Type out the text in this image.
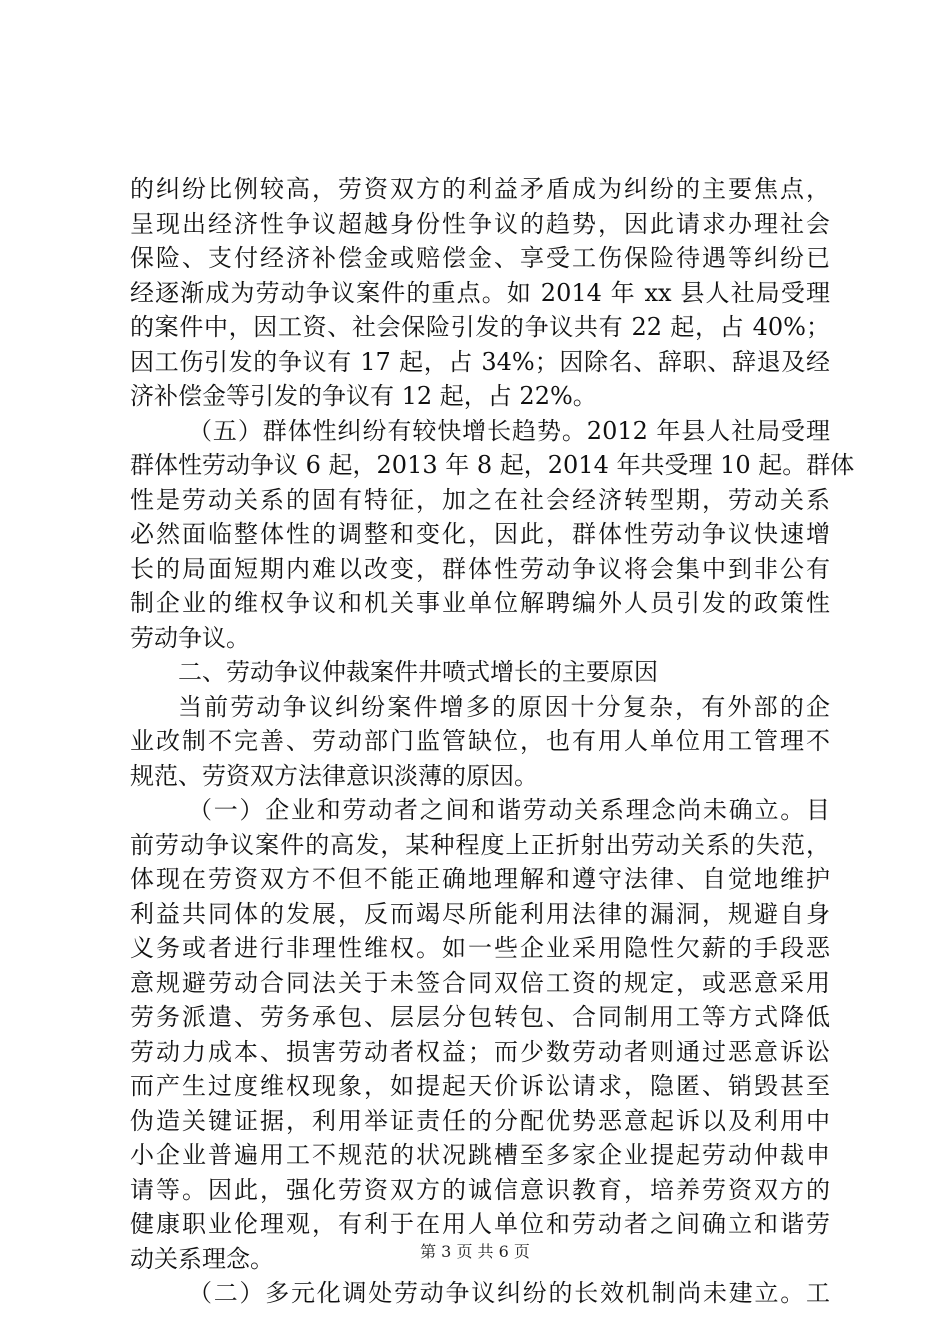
的纠纷比例较高，劳资双方的利益矛盾成为纠纷的主要焦点，
呈现出经济性争议超越身份性争议的趋势，因此请求办理社会
保险、支付经济补偿金或赔偿金、享受工伤保险待遇等纠纷已
经逐渐成为劳动争议案件的重点。如 2014 年 xx 县人社局受理
的案件中，因工资、社会保险引发的争议共有 22 起，占 40%；
因工伤引发的争议有 17 起，占 34%；因除名、辞职、辞退及经
济补偿金等引发的争议有 12 起，占 22%。
（五）群体性纠纷有较快增长趋势。2012 年县人社局受理
群体性劳动争议 6 起，2013 年 8 起，2014 年共受理 10 起。群体
性是劳动关系的固有特征，加之在社会经济转型期，劳动关系
必然面临整体性的调整和变化，因此，群体性劳动争议快速增
长的局面短期内难以改变，群体性劳动争议将会集中到非公有
制企业的维权争议和机关事业单位解聘编外人员引发的政策性
劳动争议。
二、劳动争议仲裁案件井喷式增长的主要原因
当前劳动争议纠纷案件增多的原因十分复杂，有外部的企
业改制不完善、劳动部门监管缺位，也有用人单位用工管理不
规范、劳资双方法律意识淡薄的原因。
（一）企业和劳动者之间和谐劳动关系理念尚未确立。目
前劳动争议案件的高发，某种程度上正折射出劳动关系的失范，
体现在劳资双方不但不能正确地理解和遵守法律、自觉地维护
利益共同体的发展，反而竭尽所能利用法律的漏洞，规避自身
义务或者进行非理性维权。如一些企业采用隐性欠薪的手段恶
意规避劳动合同法关于未签合同双倍工资的规定，或恶意采用
劳务派遣、劳务承包、层层分包转包、合同制用工等方式降低
劳动力成本、损害劳动者权益；而少数劳动者则通过恶意诉讼
而产生过度维权现象，如提起天价诉讼请求，隐匿、销毁甚至
伪造关键证据，利用举证责任的分配优势恶意起诉以及利用中
小企业普遍用工不规范的状况跳槽至多家企业提起劳动仲裁申
请等。因此，强化劳资双方的诚信意识教育，培养劳资双方的
健康职业伦理观，有利于在用人单位和劳动者之间确立和谐劳
动关系理念。
（二）多元化调处劳动争议纠纷的长效机制尚未建立。工
第 3 页 共 6 页
